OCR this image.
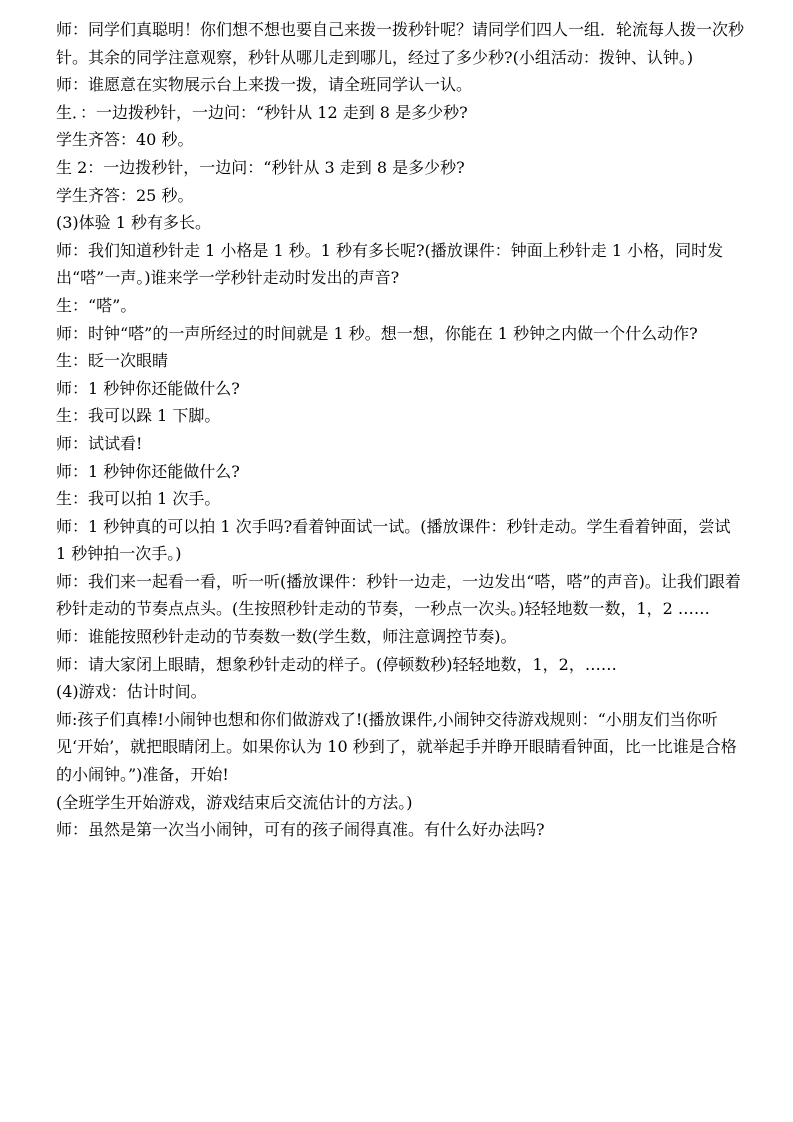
师：同学们真聪明！你们想不想也要自己来拨一拨秒针呢？请同学们四人一组．轮流每人拨一次秒针。其余的同学注意观察，秒针从哪儿走到哪儿，经过了多少秒?(小组活动：拨钟、认钟。)

师：谁愿意在实物展示台上来拨一拨，请全班同学认一认。

生．：一边拨秒针，一边问：“秒针从 12 走到 8 是多少秒?

学生齐答：40 秒。

生 2：一边拨秒针，一边问：“秒针从 3 走到 8 是多少秒?

学生齐答：25 秒。

(3)体验 1 秒有多长。

师：我们知道秒针走 1 小格是 1 秒。1 秒有多长呢?(播放课件：钟面上秒针走 1 小格，同时发出“嗒”一声。)谁来学一学秒针走动时发出的声音?

生：“嗒”。

师：时钟“嗒”的一声所经过的时间就是 1 秒。想一想，你能在 1 秒钟之内做一个什么动作?

生：眨一次眼睛

师：1 秒钟你还能做什么?

生：我可以跺 1 下脚。

师：试试看!

师：1 秒钟你还能做什么?

生：我可以拍 1 次手。

师：1 秒钟真的可以拍 1 次手吗?看着钟面试一试。(播放课件：秒针走动。学生看着钟面，尝试 1 秒钟拍一次手。)

师：我们来一起看一看，听一听(播放课件：秒针一边走，一边发出“嗒，嗒”的声音)。让我们跟着秒针走动的节奏点点头。(生按照秒针走动的节奏，一秒点一次头。)轻轻地数一数，1，2 ……

师：谁能按照秒针走动的节奏数一数(学生数，师注意调控节奏)。

师：请大家闭上眼睛，想象秒针走动的样子。(停顿数秒)轻轻地数，1，2，……

(4)游戏：估计时间。

师:孩子们真棒!小闹钟也想和你们做游戏了!(播放课件,小闹钟交待游戏规则：“小朋友们当你听见‘开始’，就把眼睛闭上。如果你认为 10 秒到了，就举起手并睁开眼睛看钟面，比一比谁是合格的小闹钟。”)准备，开始!

(全班学生开始游戏，游戏结束后交流估计的方法。)

师：虽然是第一次当小闹钟，可有的孩子闹得真准。有什么好办法吗?
